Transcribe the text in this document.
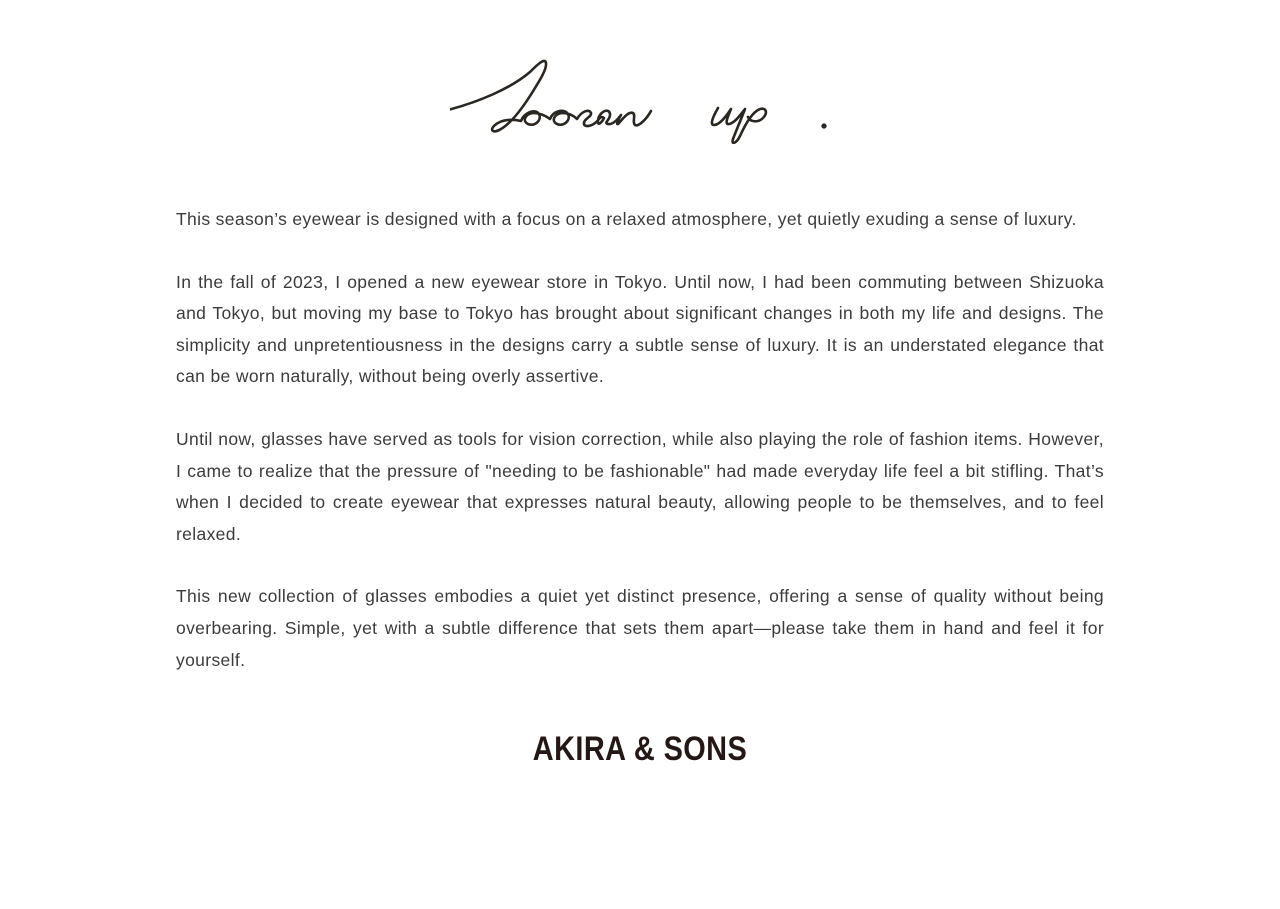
This season’s eyewear is designed with a focus on a relaxed atmosphere, yet quietly exuding a sense of luxury.

In the fall of 2023, I opened a new eyewear store in Tokyo. Until now, I had been commuting between Shizuoka and Tokyo, but moving my base to Tokyo has brought about significant changes in both my life and designs. The simplicity and unpretentiousness in the designs carry a subtle sense of luxury. It is an understated elegance that can be worn naturally, without being overly assertive.

Until now, glasses have served as tools for vision correction, while also playing the role of fashion items. However, I came to realize that the pressure of "needing to be fashionable" had made everyday life feel a bit stifling. That’s when I decided to create eyewear that expresses natural beauty, allowing people to be themselves, and to feel relaxed.

This new collection of glasses embodies a quiet yet distinct presence, offering a sense of quality without being overbearing. Simple, yet with a subtle difference that sets them apart—please take them in hand and feel it for yourself.

AKIRA & SONS
